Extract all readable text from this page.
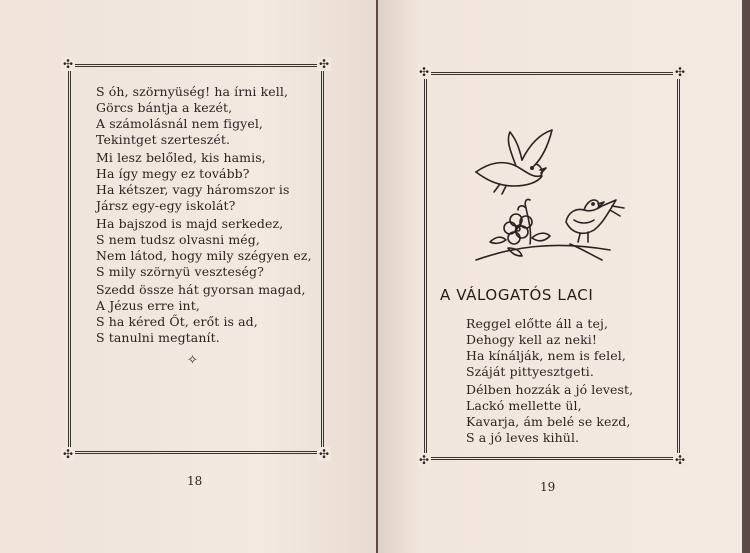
✣	✣
✣	✣

S óh, szörnyüség! ha írni kell,
Görcs bántja a kezét,
A számolásnál nem figyel,
Tekintget szerteszét.

Mi lesz belőled, kis hamis,
Ha így megy ez tovább?
Ha kétszer, vagy háromszor is
Jársz egy-egy iskolát?

Ha bajszod is majd serkedez,
S nem tudsz olvasni még,
Nem látod, hogy mily szégyen ez,
S mily szörnyü veszteség?

Szedd össze hát gyorsan magad,
A Jézus erre int,
S ha kéred Őt, erőt is ad,
S tanulni megtanít.

✧
18
✣	✣
✣	✣
A VÁLOGATÓS LACI

Reggel előtte áll a tej,
Dehogy kell az neki!
Ha kínálják, nem is felel,
Száját pittyesztgeti.

Délben hozzák a jó levest,
Lackó mellette ül,
Kavarja, ám belé se kezd,
S a jó leves kihül.

19
